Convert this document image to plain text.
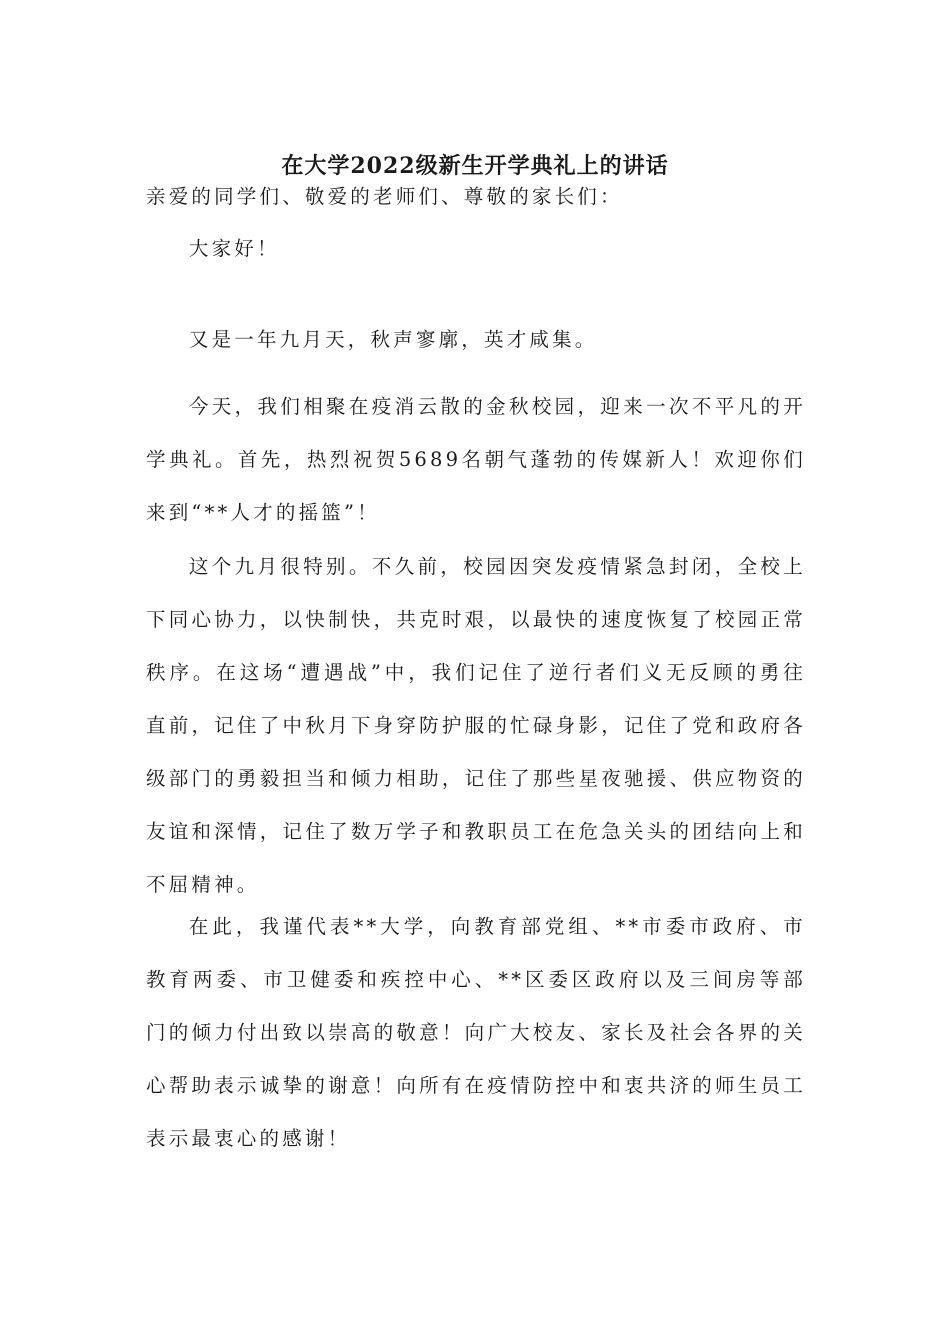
在大学2022级新生开学典礼上的讲话

亲爱的同学们、敬爱的老师们、尊敬的家长们：

大家好！

又是一年九月天，秋声寥廓，英才咸集。

今天，我们相聚在疫消云散的金秋校园，迎来一次不平凡的开学典礼。首先，热烈祝贺5689名朝气蓬勃的传媒新人！欢迎你们来到“**人才的摇篮”！

这个九月很特别。不久前，校园因突发疫情紧急封闭，全校上下同心协力，以快制快，共克时艰，以最快的速度恢复了校园正常秩序。在这场“遭遇战”中，我们记住了逆行者们义无反顾的勇往直前，记住了中秋月下身穿防护服的忙碌身影，记住了党和政府各级部门的勇毅担当和倾力相助，记住了那些星夜驰援、供应物资的友谊和深情，记住了数万学子和教职员工在危急关头的团结向上和不屈精神。

在此，我谨代表**大学，向教育部党组、**市委市政府、市教育两委、市卫健委和疾控中心、**区委区政府以及三间房等部门的倾力付出致以崇高的敬意！向广大校友、家长及社会各界的关心帮助表示诚挚的谢意！向所有在疫情防控中和衷共济的师生员工表示最衷心的感谢！
